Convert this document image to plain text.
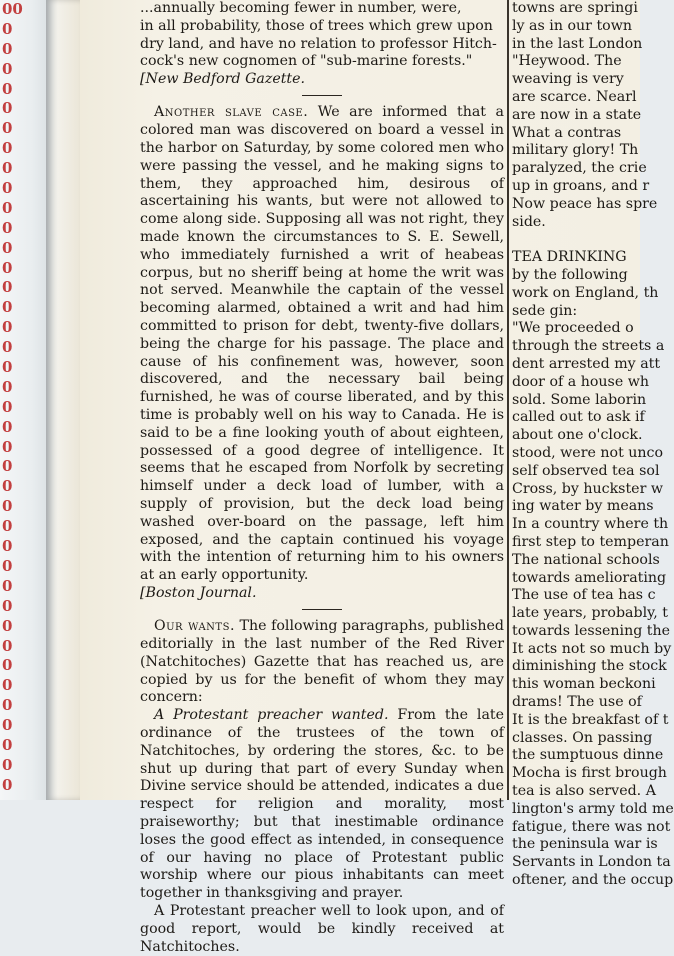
00
0
0
0
0
0
0
0
0
0
0
0
0
0
0
0
0
0
0
0
0
0
0
0
0
0
0
0
0
0
0
0
0
0
0
0
0
0
0
0

...annually becoming fewer in number, were,

in all probability, those of trees which grew upon

dry land, and have no relation to professor Hitch-

cock's new cognomen of "sub-marine forests."

[New Bedford Gazette.

Another slave case. We are informed that a colored man was discovered on board a vessel in the harbor on Saturday, by some colored men who were passing the vessel, and he making signs to them, they approached him, desirous of ascertaining his wants, but were not allowed to come along side. Supposing all was not right, they made known the circumstances to S. E. Sewell, who immediately furnished a writ of heabeas corpus, but no sheriff being at home the writ was not served. Meanwhile the captain of the vessel becoming alarmed, obtained a writ and had him committed to prison for debt, twenty-five dollars, being the charge for his passage. The place and cause of his confinement was, however, soon discovered, and the necessary bail being furnished, he was of course liberated, and by this time is probably well on his way to Canada. He is said to be a fine looking youth of about eighteen, possessed of a good degree of intelligence. It seems that he escaped from Norfolk by secreting himself under a deck load of lumber, with a supply of provision, but the deck load being washed over-board on the passage, left him exposed, and the captain continued his voyage with the intention of returning him to his owners at an early opportunity.

[Boston Journal.

Our wants. The following paragraphs, published editorially in the last number of the Red River (Natchitoches) Gazette that has reached us, are copied by us for the benefit of whom they may concern:

A Protestant preacher wanted. From the late ordinance of the trustees of the town of Natchitoches, by ordering the stores, &c. to be shut up during that part of every Sunday when Divine service should be attended, indicates a due respect for religion and morality, most praiseworthy; but that inestimable ordinance loses the good effect as intended, in consequence of our having no place of Protestant public worship where our pious inhabitants can meet together in thanksgiving and prayer.

A Protestant preacher well to look upon, and of good report, would be kindly received at Natchitoches.

towns are springi
ly as in our town
in the last London
"Heywood. The
weaving is very
are scarce. Nearl
are now in a state
What a contras
military glory! Th
paralyzed, the crie
up in groans, and r
Now peace has spre
side.
TEA DRINKING
by the following
work on England, th
sede gin:
"We proceeded o
through the streets a
dent arrested my att
door of a house wh
sold. Some laborin
called out to ask if
about one o'clock.
stood, were not unco
self observed tea sol
Cross, by huckster w
ing water by means
In a country where th
first step to temperan
The national schools
towards ameliorating
The use of tea has c
late years, probably, t
towards lessening the
It acts not so much by
diminishing the stock
this woman beckoni
drams! The use of
It is the breakfast of t
classes. On passing
the sumptuous dinne
Mocha is first brough
tea is also served. A
lington's army told me
fatigue, there was not
the peninsula war is
Servants in London ta
oftener, and the occup
